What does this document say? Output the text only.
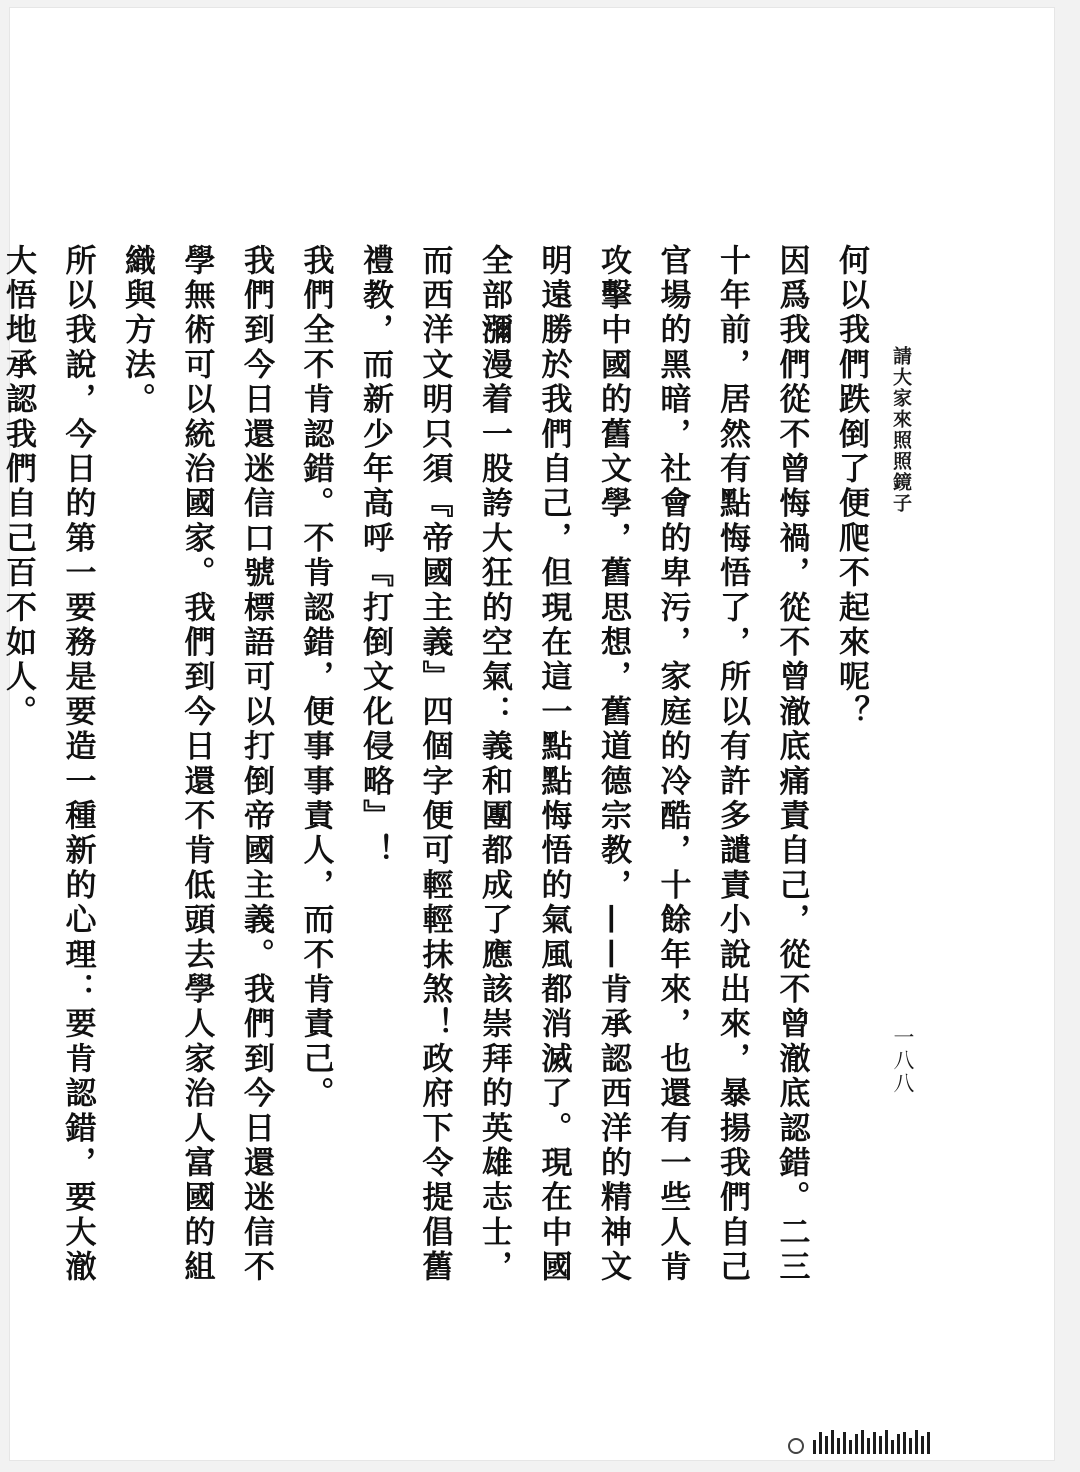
請大家來照照鏡子
一八八

何以我們跌倒了便爬不起來呢？

因爲我們從不曾悔禍，從不曾澈底痛責自己，從不曾澈底認錯。二三十年前，居然有點悔悟了，所以有許多譴責小說出來，暴揚我們自己官場的黑暗，社會的卑污，家庭的冷酷，十餘年來，也還有一些人肯攻擊中國的舊文學，舊思想，舊道德宗教，——肯承認西洋的精神文明遠勝於我們自己，但現在這一點點悔悟的氣風都消滅了。現在中國全部瀰漫着一股誇大狂的空氣：義和團都成了應該崇拜的英雄志士，而西洋文明只須『帝國主義』四個字便可輕輕抹煞！政府下令提倡舊禮教，而新少年高呼『打倒文化侵略』！

我們全不肯認錯。不肯認錯，便事事責人，而不肯責己。

我們到今日還迷信口號標語可以打倒帝國主義。我們到今日還迷信不學無術可以統治國家。我們到今日還不肯低頭去學人家治人富國的組織與方法。

所以我說，今日的第一要務是要造一種新的心理：要肯認錯，要大澈大悟地承認我們自己百不如人。
